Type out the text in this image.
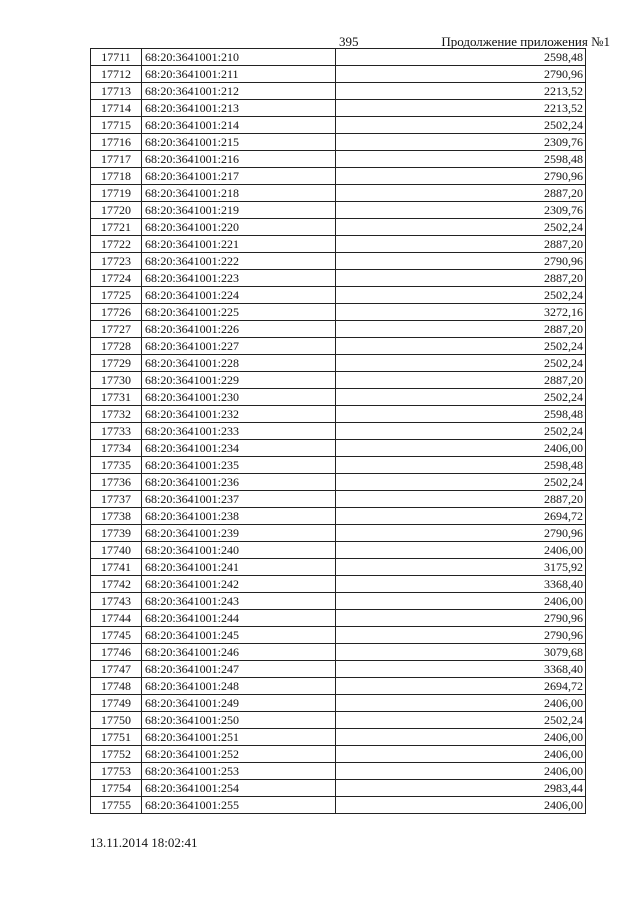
395	Продолжение приложения №1
17711	68:20:3641001:210	2598,48
17712	68:20:3641001:211	2790,96
17713	68:20:3641001:212	2213,52
17714	68:20:3641001:213	2213,52
17715	68:20:3641001:214	2502,24
17716	68:20:3641001:215	2309,76
17717	68:20:3641001:216	2598,48
17718	68:20:3641001:217	2790,96
17719	68:20:3641001:218	2887,20
17720	68:20:3641001:219	2309,76
17721	68:20:3641001:220	2502,24
17722	68:20:3641001:221	2887,20
17723	68:20:3641001:222	2790,96
17724	68:20:3641001:223	2887,20
17725	68:20:3641001:224	2502,24
17726	68:20:3641001:225	3272,16
17727	68:20:3641001:226	2887,20
17728	68:20:3641001:227	2502,24
17729	68:20:3641001:228	2502,24
17730	68:20:3641001:229	2887,20
17731	68:20:3641001:230	2502,24
17732	68:20:3641001:232	2598,48
17733	68:20:3641001:233	2502,24
17734	68:20:3641001:234	2406,00
17735	68:20:3641001:235	2598,48
17736	68:20:3641001:236	2502,24
17737	68:20:3641001:237	2887,20
17738	68:20:3641001:238	2694,72
17739	68:20:3641001:239	2790,96
17740	68:20:3641001:240	2406,00
17741	68:20:3641001:241	3175,92
17742	68:20:3641001:242	3368,40
17743	68:20:3641001:243	2406,00
17744	68:20:3641001:244	2790,96
17745	68:20:3641001:245	2790,96
17746	68:20:3641001:246	3079,68
17747	68:20:3641001:247	3368,40
17748	68:20:3641001:248	2694,72
17749	68:20:3641001:249	2406,00
17750	68:20:3641001:250	2502,24
17751	68:20:3641001:251	2406,00
17752	68:20:3641001:252	2406,00
17753	68:20:3641001:253	2406,00
17754	68:20:3641001:254	2983,44
17755	68:20:3641001:255	2406,00
13.11.2014 18:02:41
